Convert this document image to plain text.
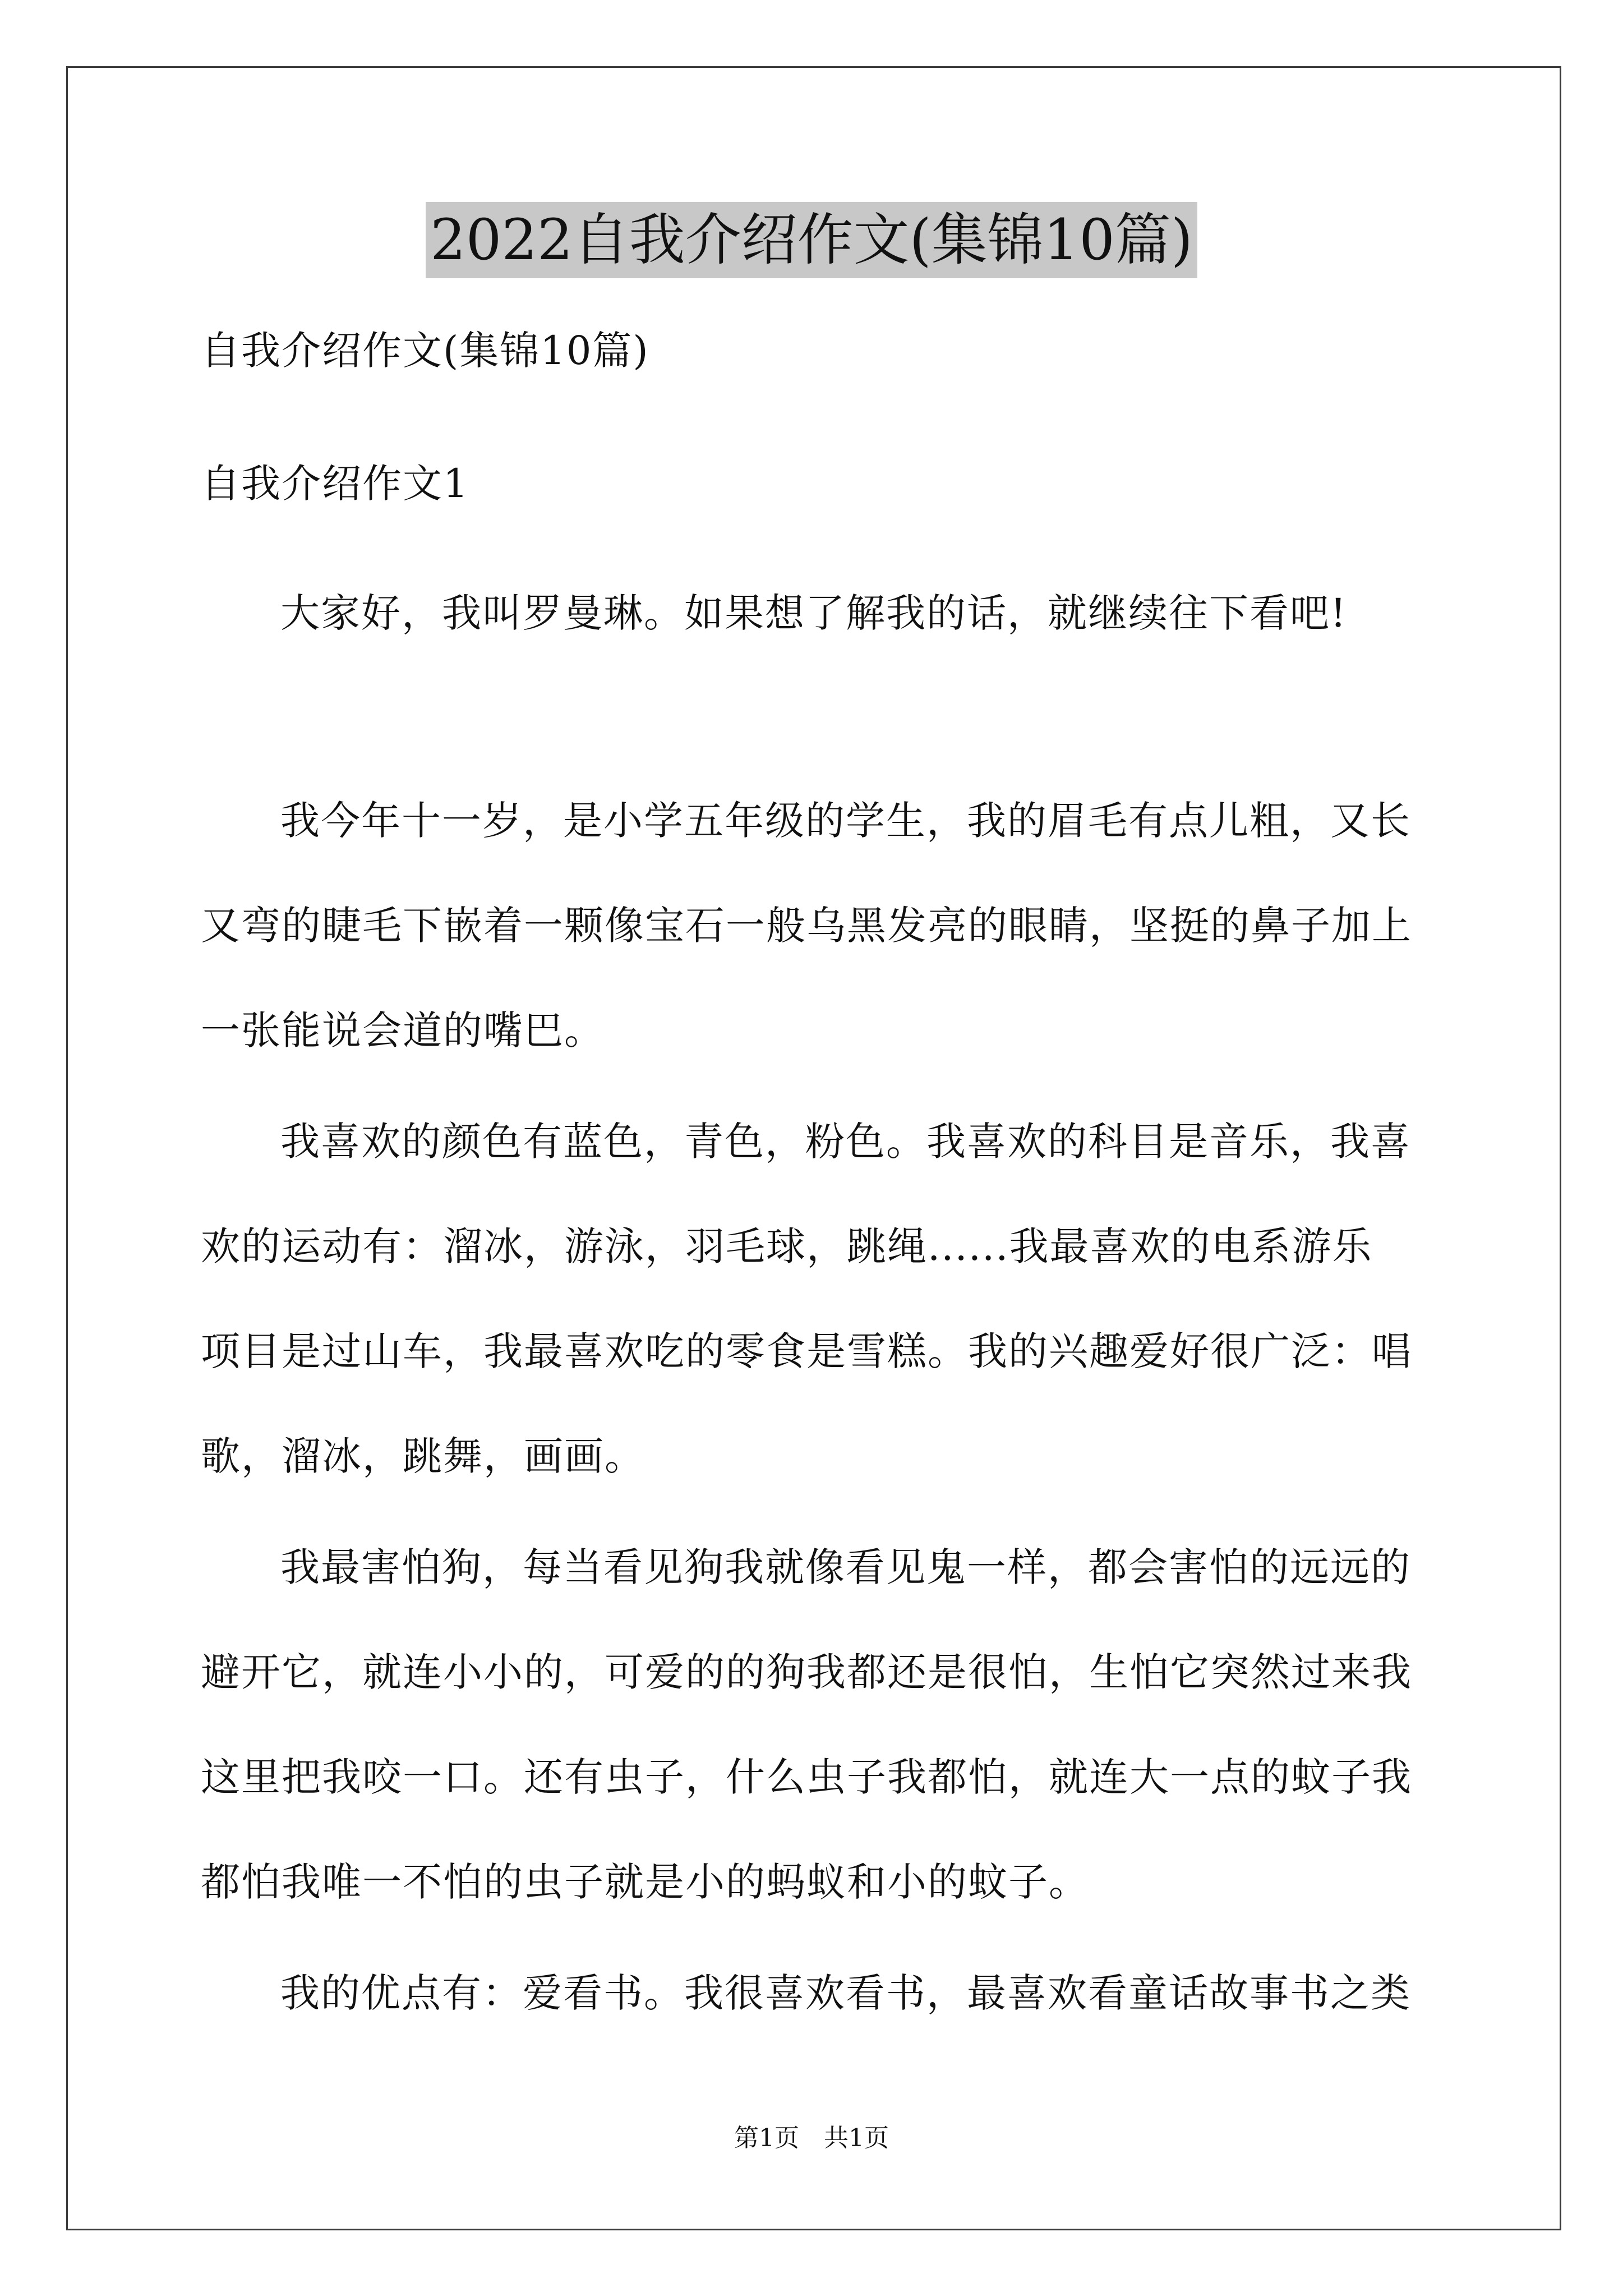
2022自我介绍作文(集锦10篇)
自我介绍作文(集锦10篇)
自我介绍作文1
大家好，我叫罗曼琳。如果想了解我的话，就继续往下看吧!
我今年十一岁，是小学五年级的学生，我的眉毛有点儿粗，又长
又弯的睫毛下嵌着一颗像宝石一般乌黑发亮的眼睛，坚挺的鼻子加上
一张能说会道的嘴巴。
我喜欢的颜色有蓝色，青色，粉色。我喜欢的科目是音乐，我喜
欢的运动有：溜冰，游泳，羽毛球，跳绳......我最喜欢的电系游乐
项目是过山车，我最喜欢吃的零食是雪糕。我的兴趣爱好很广泛：唱
歌，溜冰，跳舞，画画。
我最害怕狗，每当看见狗我就像看见鬼一样，都会害怕的远远的
避开它，就连小小的，可爱的的狗我都还是很怕，生怕它突然过来我
这里把我咬一口。还有虫子，什么虫子我都怕，就连大一点的蚊子我
都怕我唯一不怕的虫子就是小的蚂蚁和小的蚊子。
我的优点有：爱看书。我很喜欢看书，最喜欢看童话故事书之类
第1页　共1页
